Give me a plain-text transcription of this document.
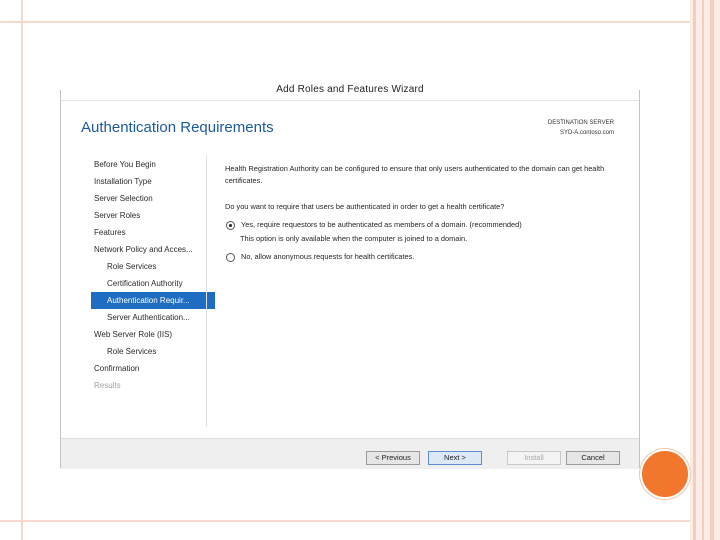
Add Roles and Features Wizard
Authentication Requirements	DESTINATION SERVER
SYD-A.contoso.com
Before You Begin
Installation Type
Server Selection
Server Roles
Features
Network Policy and Acces...
Role Services
Certification Authority
Authentication Requir...
Server Authentication...
Web Server Role (IIS)
Role Services
Confirmation
Results

Health Registration Authority can be configured to ensure that only users authenticated to the domain can get health certificates.

Do you want to require that users be authenticated in order to get a health certificate?

Yes, require requestors to be authenticated as members of a domain. (recommended)

This option is only available when the computer is joined to a domain.

No, allow anonymous requests for health certificates.
< Previous	Next >	Install	Cancel
